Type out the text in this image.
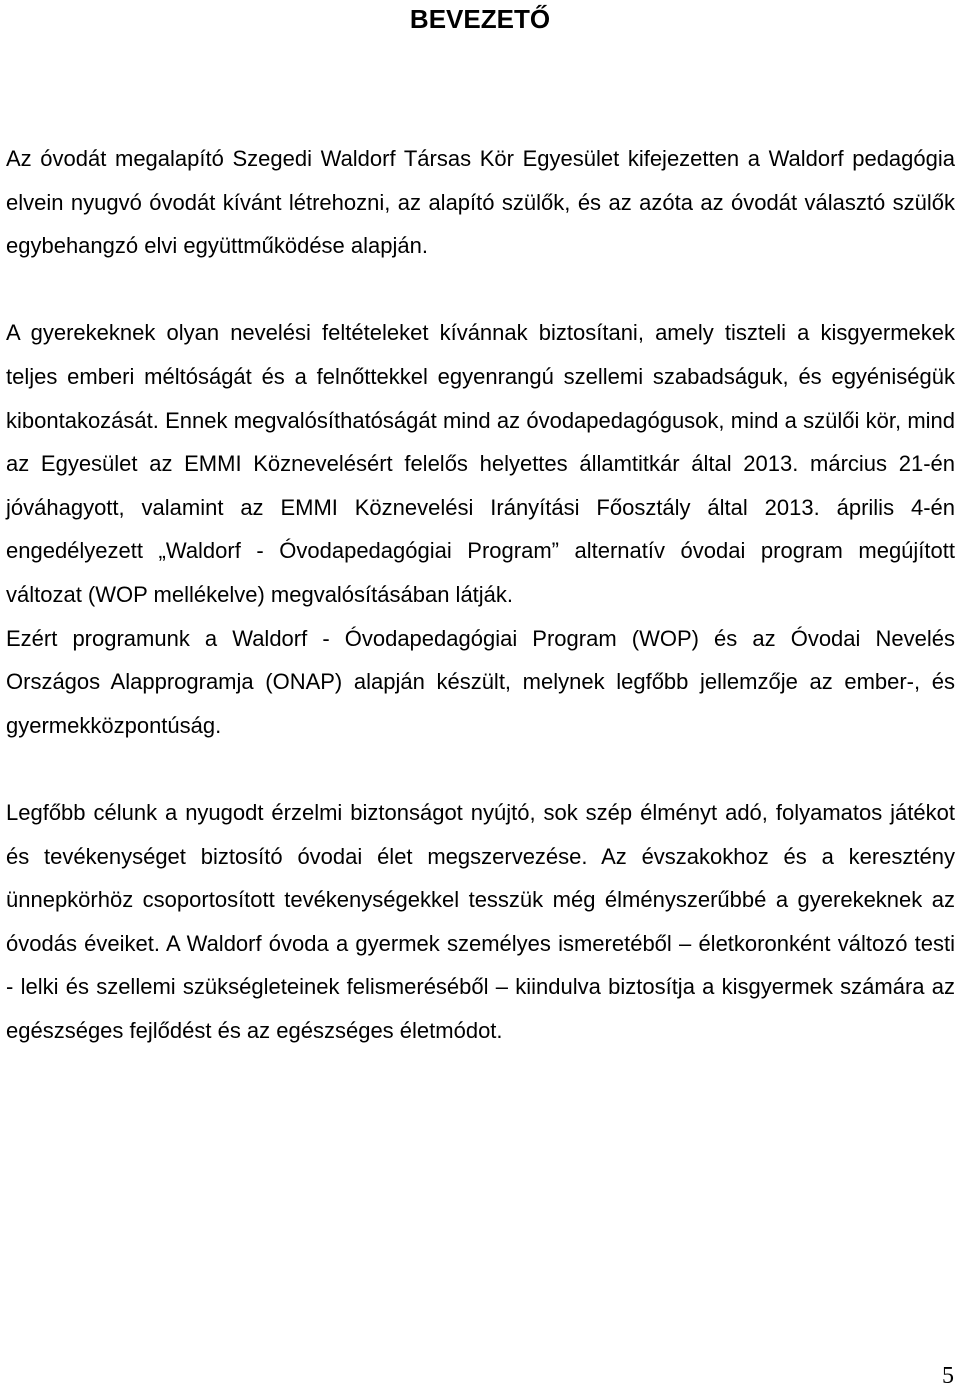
BEVEZETŐ

Az óvodát megalapító Szegedi Waldorf Társas Kör Egyesület kifejezetten a Waldorf pedagógia elvein nyugvó óvodát kívánt létrehozni, az alapító szülők, és az azóta az óvodát választó szülők egybehangzó elvi együttműködése alapján.

A gyerekeknek olyan nevelési feltételeket kívánnak biztosítani, amely tiszteli a kisgyermekek teljes emberi méltóságát és a felnőttekkel egyenrangú szellemi szabadságuk, és egyéniségük kibontakozását. Ennek megvalósíthatóságát mind az óvodapedagógusok, mind a szülői kör, mind az Egyesület az EMMI Köznevelésért felelős helyettes államtitkár által 2013. március 21-én jóváhagyott, valamint az EMMI Köznevelési Irányítási Főosztály által 2013. április 4-én engedélyezett „Waldorf - Óvodapedagógiai Program” alternatív óvodai program megújított változat (WOP mellékelve) megvalósításában látják.

Ezért programunk a Waldorf - Óvodapedagógiai Program (WOP) és az Óvodai Nevelés Országos Alapprogramja (ONAP) alapján készült, melynek legfőbb jellemzője az ember-, és gyermekközpontúság.

Legfőbb célunk a nyugodt érzelmi biztonságot nyújtó, sok szép élményt adó, folyamatos játékot és tevékenységet biztosító óvodai élet megszervezése. Az évszakokhoz és a keresztény ünnepkörhöz csoportosított tevékenységekkel tesszük még élményszerűbbé a gyerekeknek az óvodás éveiket. A Waldorf óvoda a gyermek személyes ismeretéből – életkoronként változó testi - lelki és szellemi szükségleteinek felismeréséből – kiindulva biztosítja a kisgyermek számára az egészséges fejlődést és az egészséges életmódot.

5
